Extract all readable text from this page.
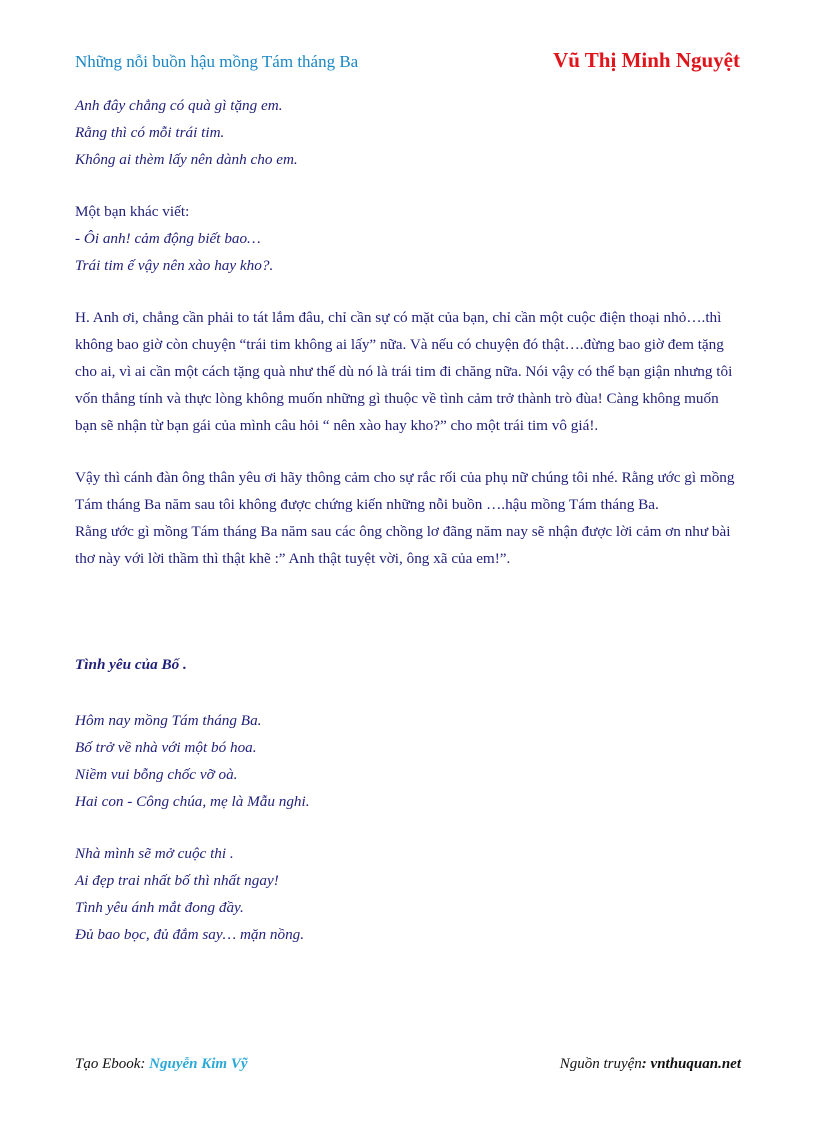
Những nỗi buồn hậu mồng Tám tháng Ba	Vũ Thị Minh Nguyệt
Anh đây chẳng có quà gì tặng em.
Rằng thì có mỗi trái tim.
Không ai thèm lấy nên dành cho em.
Một bạn khác viết:
- Ôi anh! cảm động biết bao…
Trái tim ế vậy nên xào hay kho?.

H. Anh ơi, chẳng cần phải to tát lắm đâu, chỉ cần sự có mặt của bạn, chỉ cần một cuộc điện thoại nhỏ….thì không bao giờ còn chuyện “trái tim không ai lấy” nữa. Và nếu có chuyện đó thật….đừng bao giờ đem tặng cho ai, vì ai cần một cách tặng quà như thế dù nó là trái tim đi chăng nữa. Nói vậy có thể bạn giận nhưng tôi vốn thẳng tính và thực lòng không muốn những gì thuộc về tình cảm trở thành trò đùa! Càng không muốn bạn sẽ nhận từ bạn gái của mình câu hỏi “ nên xào hay kho?” cho một trái tim vô giá!.

Vậy thì cánh đàn ông thân yêu ơi hãy thông cảm cho sự rắc rối của phụ nữ chúng tôi nhé. Rằng ước gì mồng Tám tháng Ba năm sau tôi không được chứng kiến những nỗi buồn ….hậu mồng Tám tháng Ba.

Rằng ước gì mồng Tám tháng Ba năm sau các ông chồng lơ đãng năm nay sẽ nhận được lời cảm ơn như bài thơ này với lời thầm thì thật khẽ :” Anh thật tuyệt vời, ông xã của em!”.

Tình yêu của Bố .
Hôm nay mồng Tám tháng Ba.
Bố trở về nhà với một bó hoa.
Niềm vui bỗng chốc vỡ oà.
Hai con - Công chúa, mẹ là Mẫu nghi.
Nhà mình sẽ mở cuộc thi .
Ai đẹp trai nhất bố thì nhất ngay!
Tình yêu ánh mắt đong đầy.
Đủ bao bọc, đủ đắm say… mặn nồng.
Tạo Ebook: Nguyễn Kim Vỹ	Nguồn truyện: vnthuquan.net
